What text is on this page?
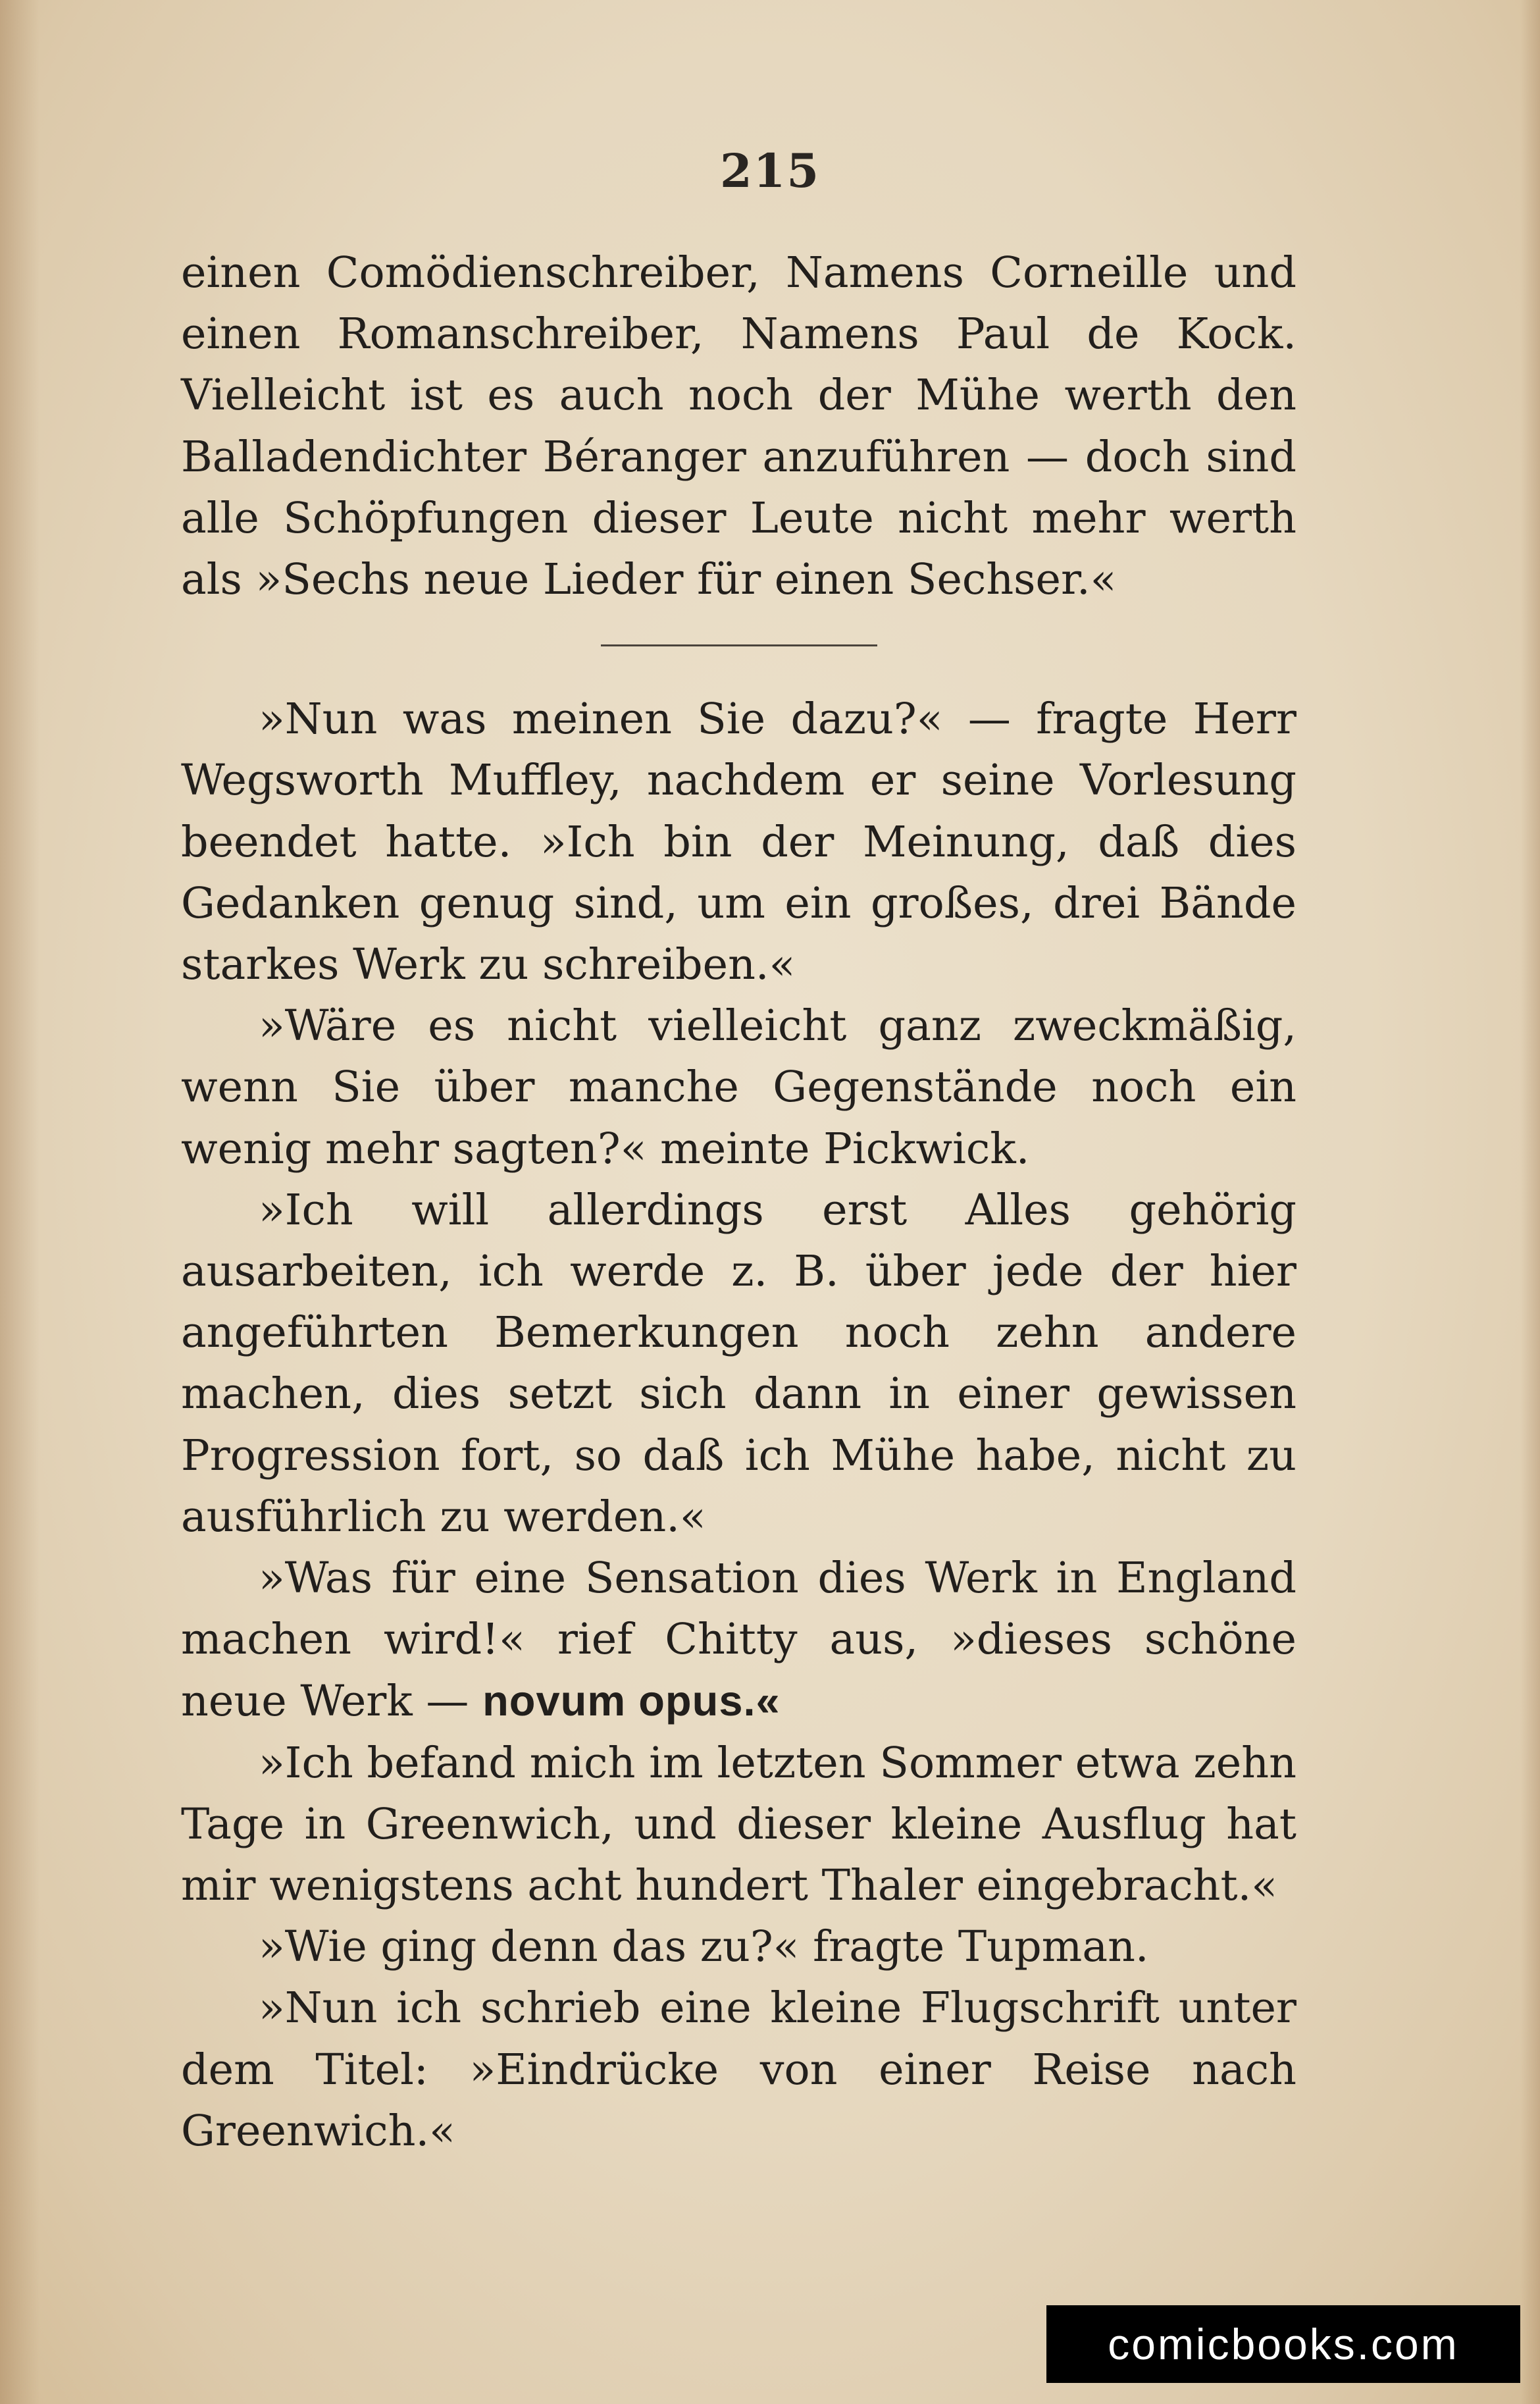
215

einen Comödienschreiber, Namens Corneille und einen Romanschreiber, Namens Paul de Kock. Vielleicht ist es auch noch der Mühe werth den Balladendichter Béranger anzuführen — doch sind alle Schöpfungen dieser Leute nicht mehr werth als »Sechs neue Lieder für einen Sechser.«

»Nun was meinen Sie dazu?« — fragte Herr Wegsworth Muffley, nachdem er seine Vorlesung beendet hatte. »Ich bin der Meinung, daß dies Gedanken genug sind, um ein großes, drei Bände starkes Werk zu schreiben.«

»Wäre es nicht vielleicht ganz zweckmäßig, wenn Sie über manche Gegenstände noch ein wenig mehr sagten?« meinte Pickwick.

»Ich will allerdings erst Alles gehörig ausarbeiten, ich werde z. B. über jede der hier angeführten Bemerkungen noch zehn andere machen, dies setzt sich dann in einer gewissen Progression fort, so daß ich Mühe habe, nicht zu ausführlich zu werden.«

»Was für eine Sensation dies Werk in England machen wird!« rief Chitty aus, »dieses schöne neue Werk — novum opus.«

»Ich befand mich im letzten Sommer etwa zehn Tage in Greenwich, und dieser kleine Ausflug hat mir wenigstens acht hundert Thaler eingebracht.«

»Wie ging denn das zu?« fragte Tupman.

»Nun ich schrieb eine kleine Flugschrift unter dem Titel: »Eindrücke von einer Reise nach Greenwich.«

comicbooks.com
